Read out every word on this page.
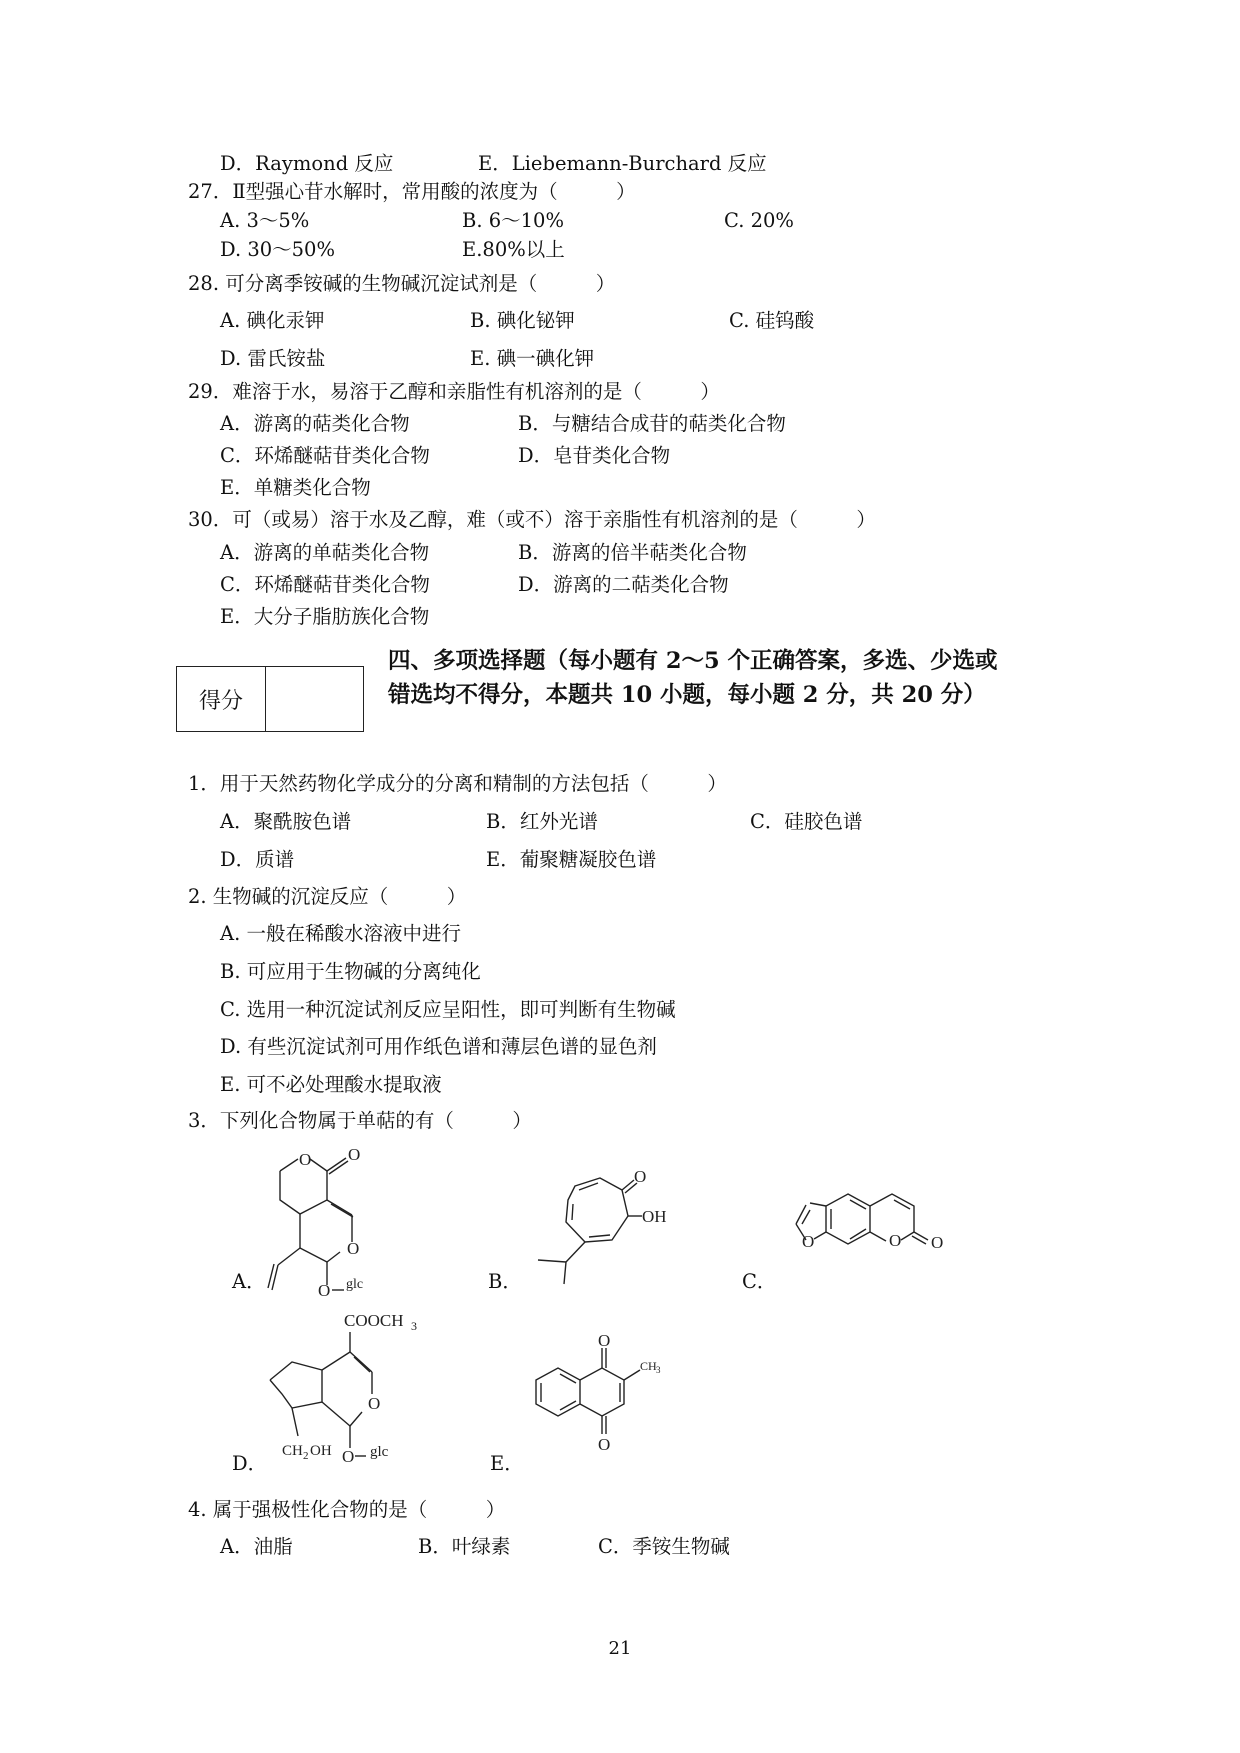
D．Raymond 反应	E．Liebemann-Burchard 反应
27．Ⅱ型强心苷水解时，常用酸的浓度为（　　　）
A. 3～5%	B. 6～10%	C. 20%
D. 30～50%	E.80%以上
28. 可分离季铵碱的生物碱沉淀试剂是（　　　）
A. 碘化汞钾	B. 碘化铋钾	C. 硅钨酸
D. 雷氏铵盐	E. 碘一碘化钾
29．难溶于水，易溶于乙醇和亲脂性有机溶剂的是（　　　）
A．游离的萜类化合物	B．与糖结合成苷的萜类化合物
C．环烯醚萜苷类化合物	D．皂苷类化合物
E．单糖类化合物
30．可（或易）溶于水及乙醇，难（或不）溶于亲脂性有机溶剂的是（　　　）
A．游离的单萜类化合物	B．游离的倍半萜类化合物
C．环烯醚萜苷类化合物	D．游离的二萜类化合物
E．大分子脂肪族化合物
四、多项选择题（每小题有 2～5 个正确答案，多选、少选或
错选均不得分，本题共 10 小题，每小题 2 分，共 20 分）
得分
1．用于天然药物化学成分的分离和精制的方法包括（　　　）
A．聚酰胺色谱	B．红外光谱	C．硅胶色谱
D．质谱	E．葡聚糖凝胶色谱
2. 生物碱的沉淀反应（　　　）
A. 一般在稀酸水溶液中进行
B. 可应用于生物碱的分离纯化
C. 选用一种沉淀试剂反应呈阳性，即可判断有生物碱
D. 有些沉淀试剂可用作纸色谱和薄层色谱的显色剂
E. 可不必处理酸水提取液
3．下列化合物属于单萜的有（　　　）
O O
O
O glc
A．
O
OH
B．
O O
O
C．
COOCH 3
O
CH 2 OH O glc
D．
O
O
CH 3
E．
4. 属于强极性化合物的是（　　　）
A．油脂	B．叶绿素	C．季铵生物碱
21
